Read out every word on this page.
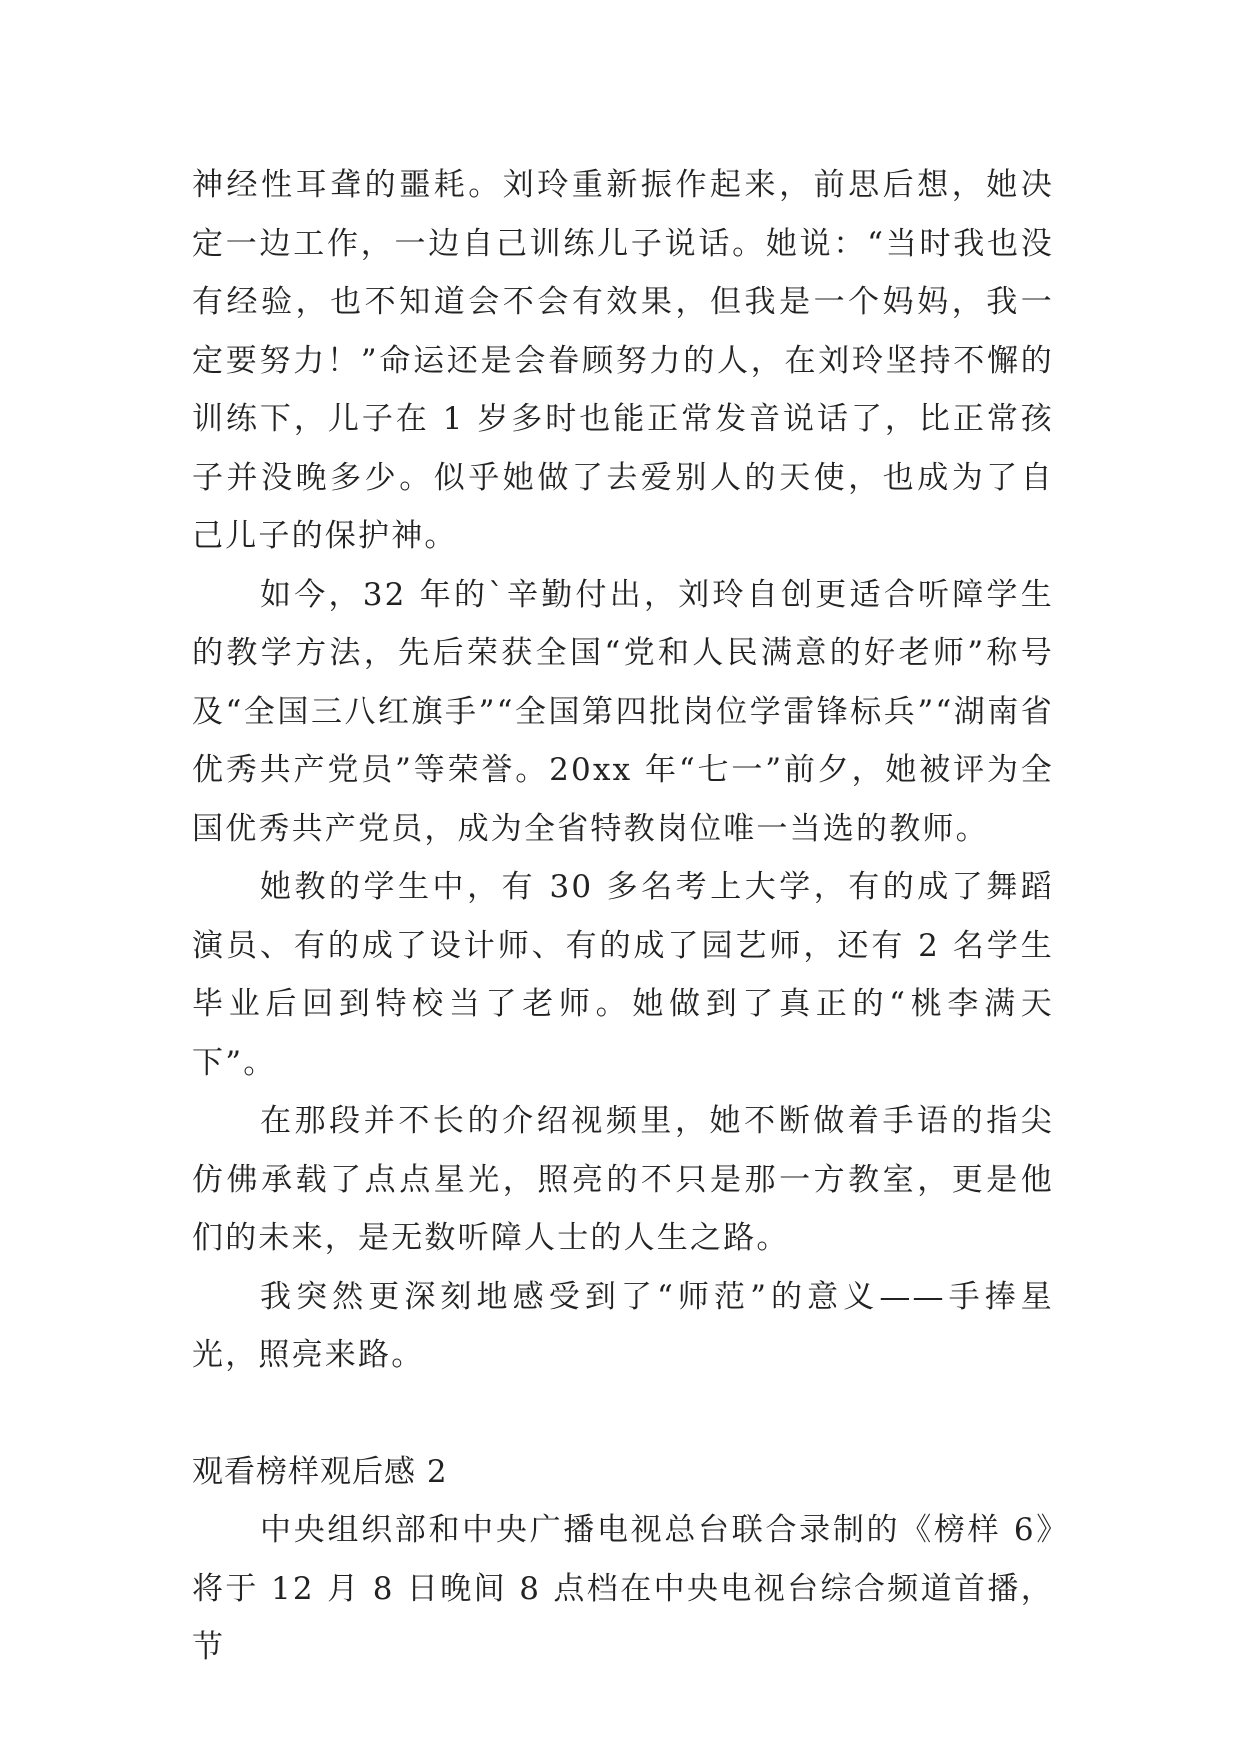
神经性耳聋的噩耗。刘玲重新振作起来，前思后想，她决定一边工作，一边自己训练儿子说话。她说：“当时我也没有经验，也不知道会不会有效果，但我是一个妈妈，我一定要努力！”命运还是会眷顾努力的人，在刘玲坚持不懈的训练下，儿子在 1 岁多时也能正常发音说话了，比正常孩子并没晚多少。似乎她做了去爱别人的天使，也成为了自己儿子的保护神。

如今，32 年的`辛勤付出，刘玲自创更适合听障学生的教学方法，先后荣获全国“党和人民满意的好老师”称号及“全国三八红旗手”“全国第四批岗位学雷锋标兵”“湖南省优秀共产党员”等荣誉。20xx 年“七一”前夕，她被评为全国优秀共产党员，成为全省特教岗位唯一当选的教师。

她教的学生中，有 30 多名考上大学，有的成了舞蹈演员、有的成了设计师、有的成了园艺师，还有 2 名学生毕业后回到特校当了老师。她做到了真正的“桃李满天下”。

在那段并不长的介绍视频里，她不断做着手语的指尖仿佛承载了点点星光，照亮的不只是那一方教室，更是他们的未来，是无数听障人士的人生之路。

我突然更深刻地感受到了“师范”的意义——手捧星光，照亮来路。

观看榜样观后感 2

中央组织部和中央广播电视总台联合录制的《榜样 6》将于 12 月 8 日晚间 8 点档在中央电视台综合频道首播，节
